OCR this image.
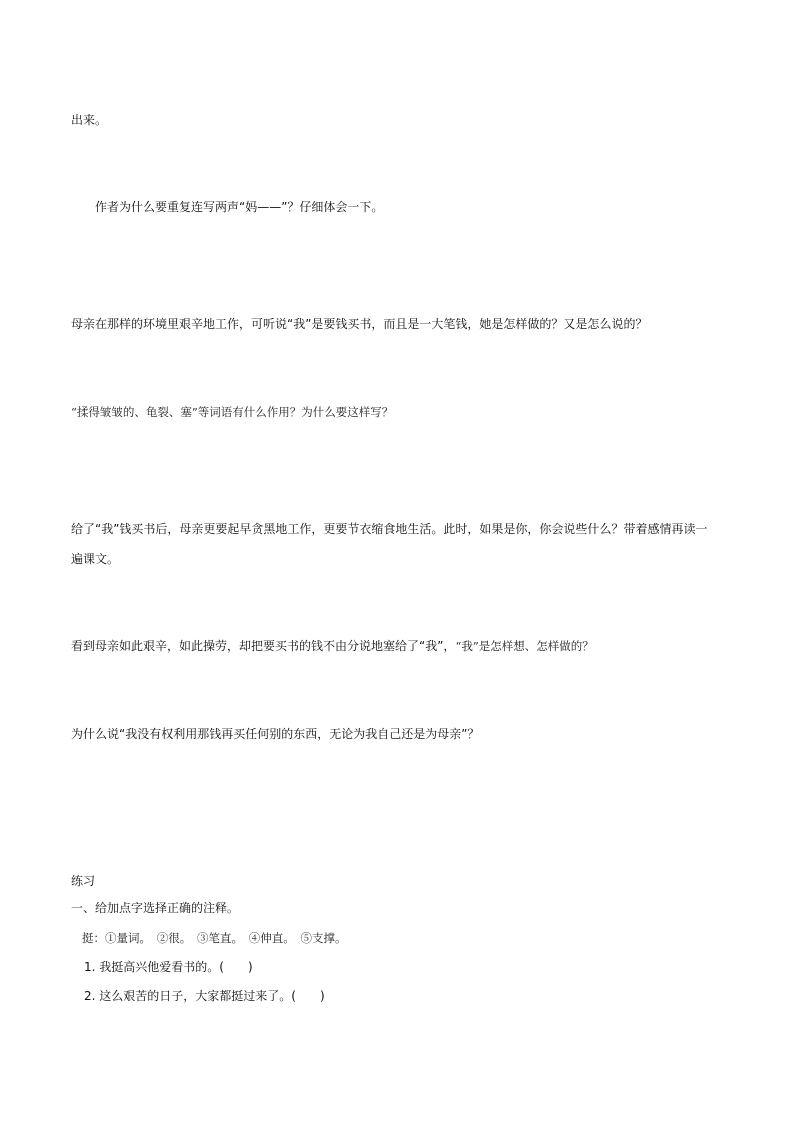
出来。
作者为什么要重复连写两声“妈——”？仔细体会一下。
母亲在那样的环境里艰辛地工作，可听说“我”是要钱买书，而且是一大笔钱，她是怎样做的？又是怎么说的？
“揉得皱皱的、龟裂、塞”等词语有什么作用？为什么要这样写？
给了“我”钱买书后，母亲更要起早贪黑地工作，更要节衣缩食地生活。此时，如果是你，你会说些什么？带着感情再读一
遍课文。
看到母亲如此艰辛，如此操劳，却把要买书的钱不由分说地塞给了“我”，“我”是怎样想、怎样做的？
为什么说“我没有权利用那钱再买任何别的东西，无论为我自己还是为母亲”？
练习
一、给加点字选择正确的注释。
挺：①量词。　②很。　③笔直。　④伸直。　⑤支撑。
1. 我挺高兴他爱看书的。(　　)
2. 这么艰苦的日子，大家都挺过来了。(　　)
